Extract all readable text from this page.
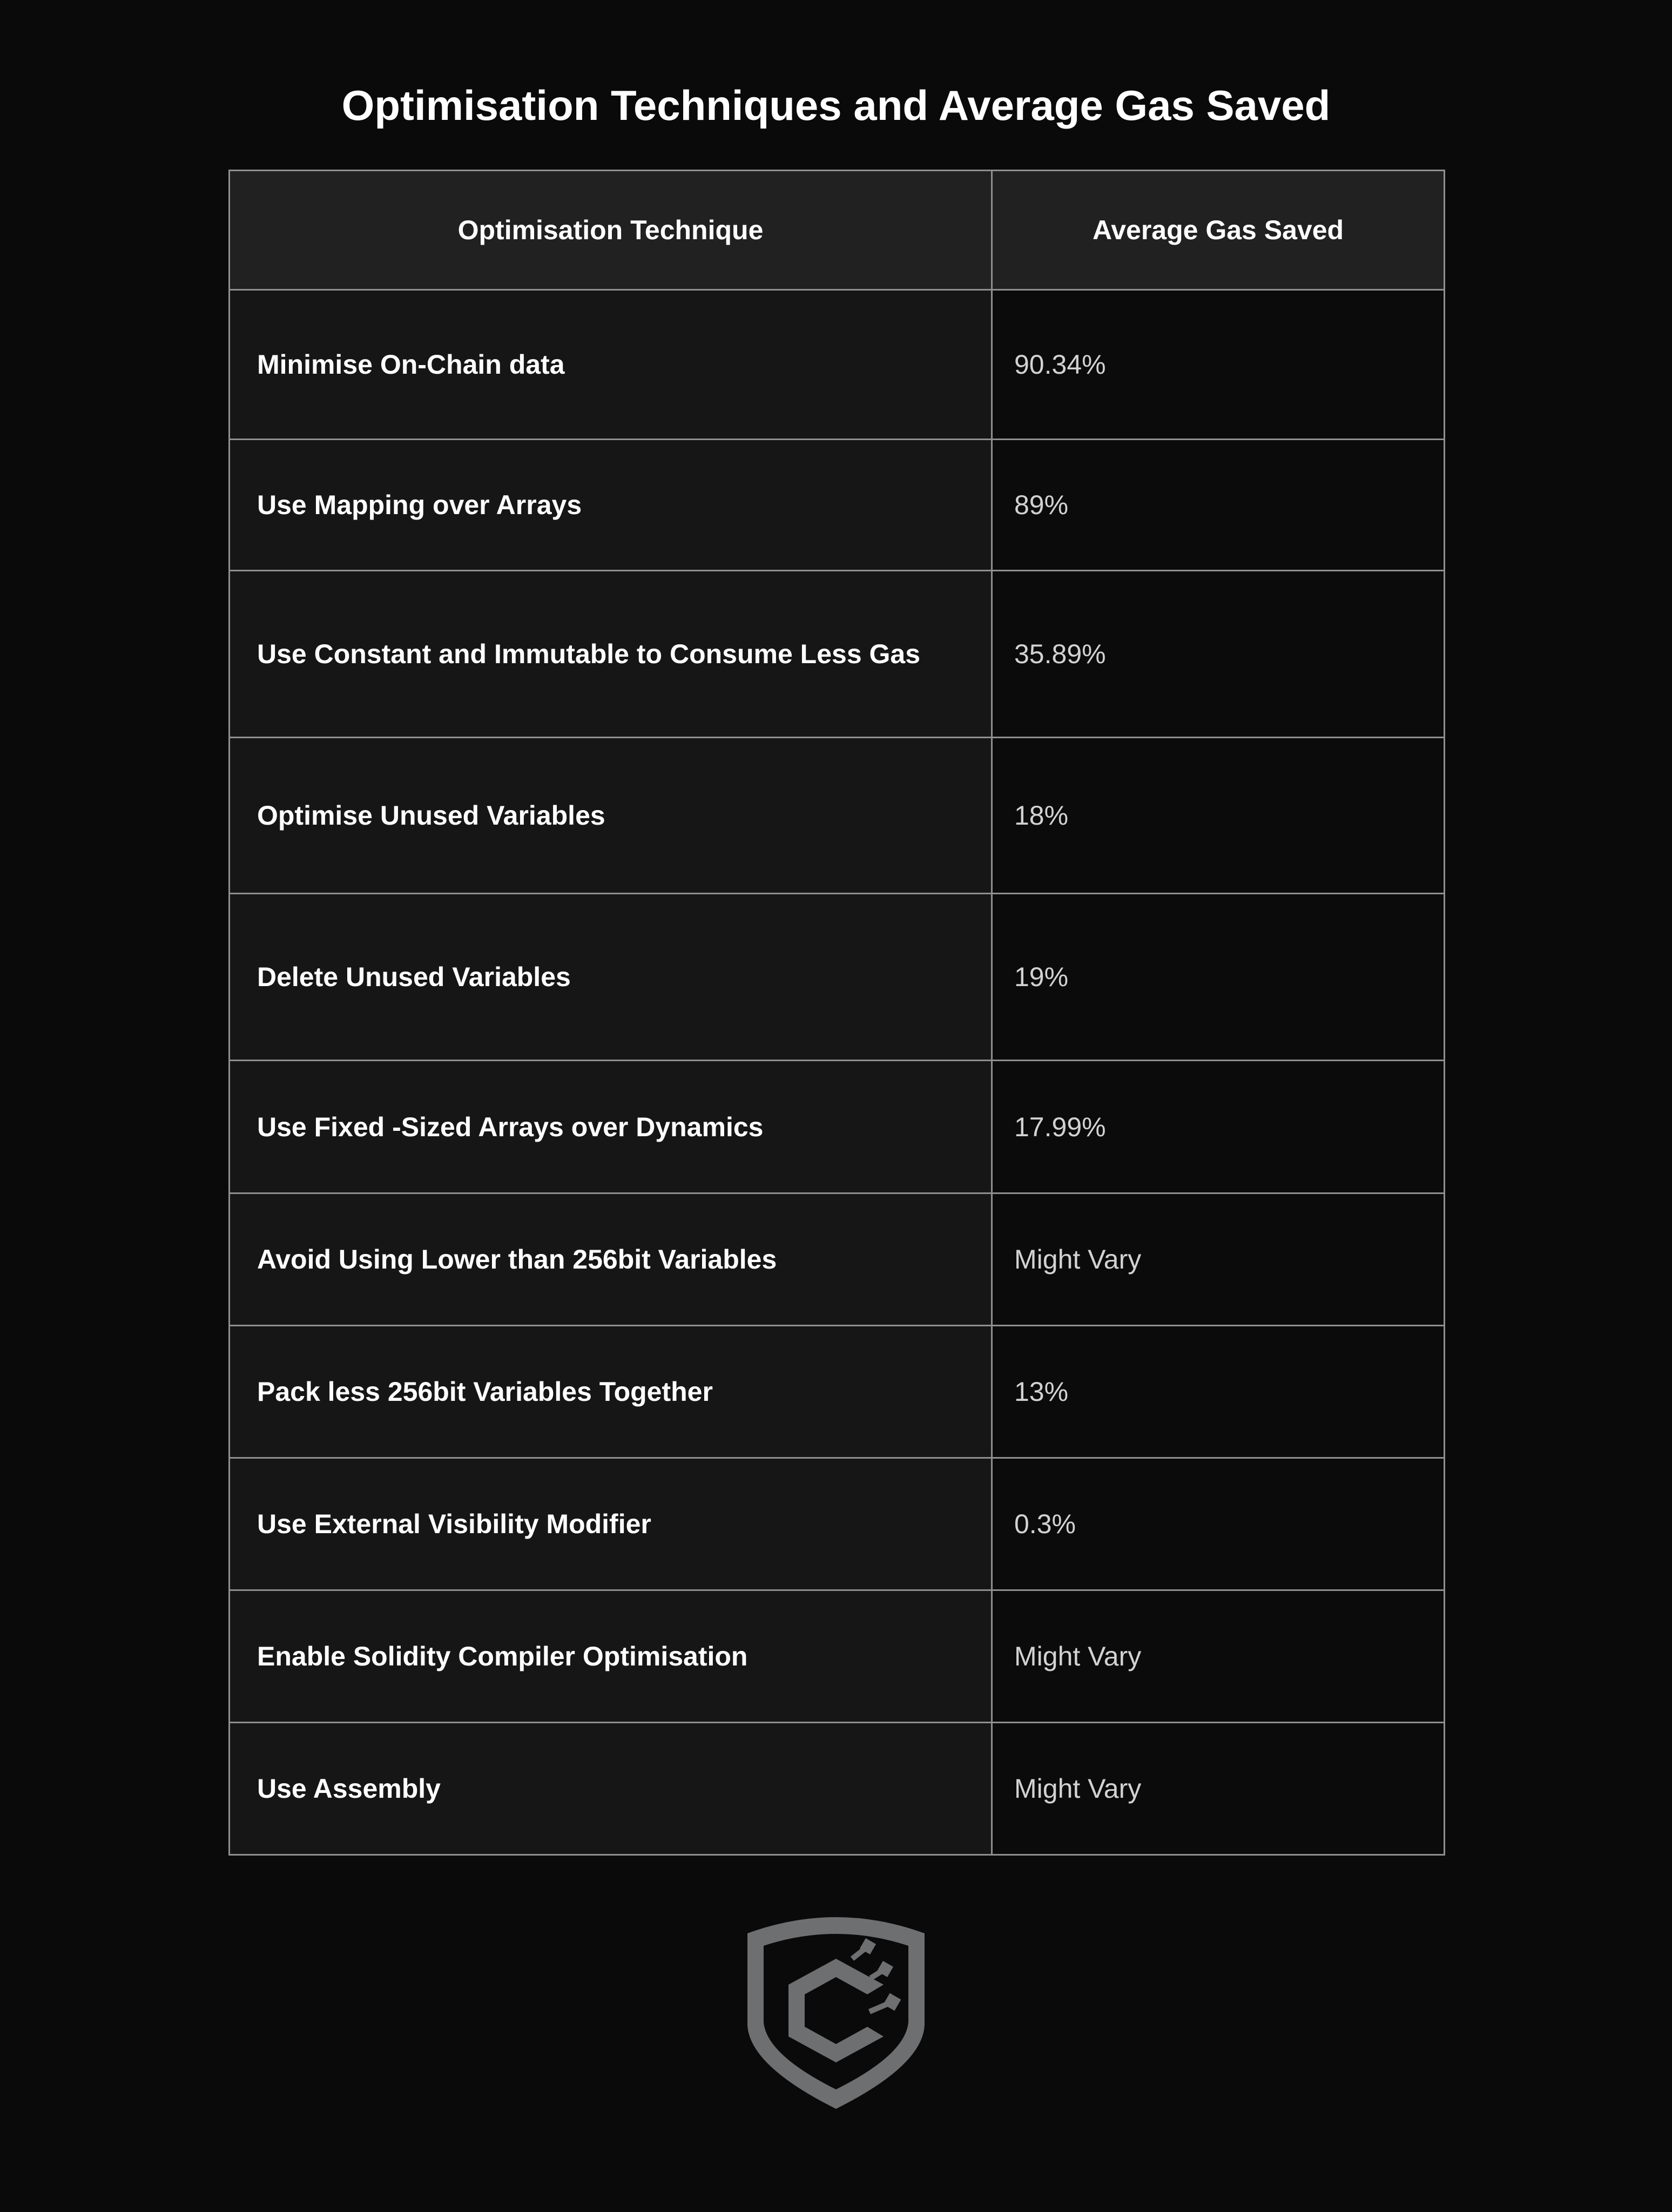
Optimisation Techniques and Average Gas Saved
Optimisation Technique	Average Gas Saved
Minimise On-Chain data	90.34%
Use Mapping over Arrays	89%
Use Constant and Immutable to Consume Less Gas	35.89%
Optimise Unused Variables	18%
Delete Unused Variables	19%
Use Fixed -Sized Arrays over Dynamics	17.99%
Avoid Using Lower than 256bit Variables	Might Vary
Pack less 256bit Variables Together	13%
Use External Visibility Modifier	0.3%
Enable Solidity Compiler Optimisation	Might Vary
Use Assembly	Might Vary
